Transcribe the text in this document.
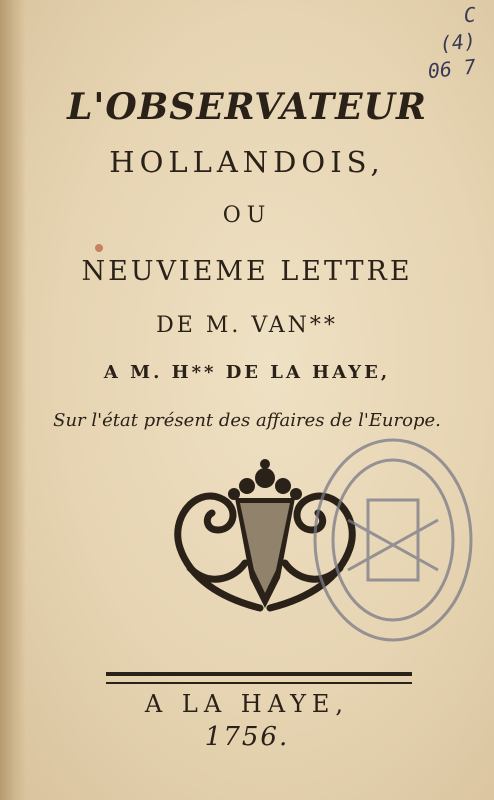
C
(4)
06 7
L'OBSERVATEUR
HOLLANDOIS,
OU
NEUVIEME LETTRE
DE M. VAN**
A M. H** DE LA HAYE,
Sur l'état présent des affaires de l'Europe.
A LA HAYE,
1756.
